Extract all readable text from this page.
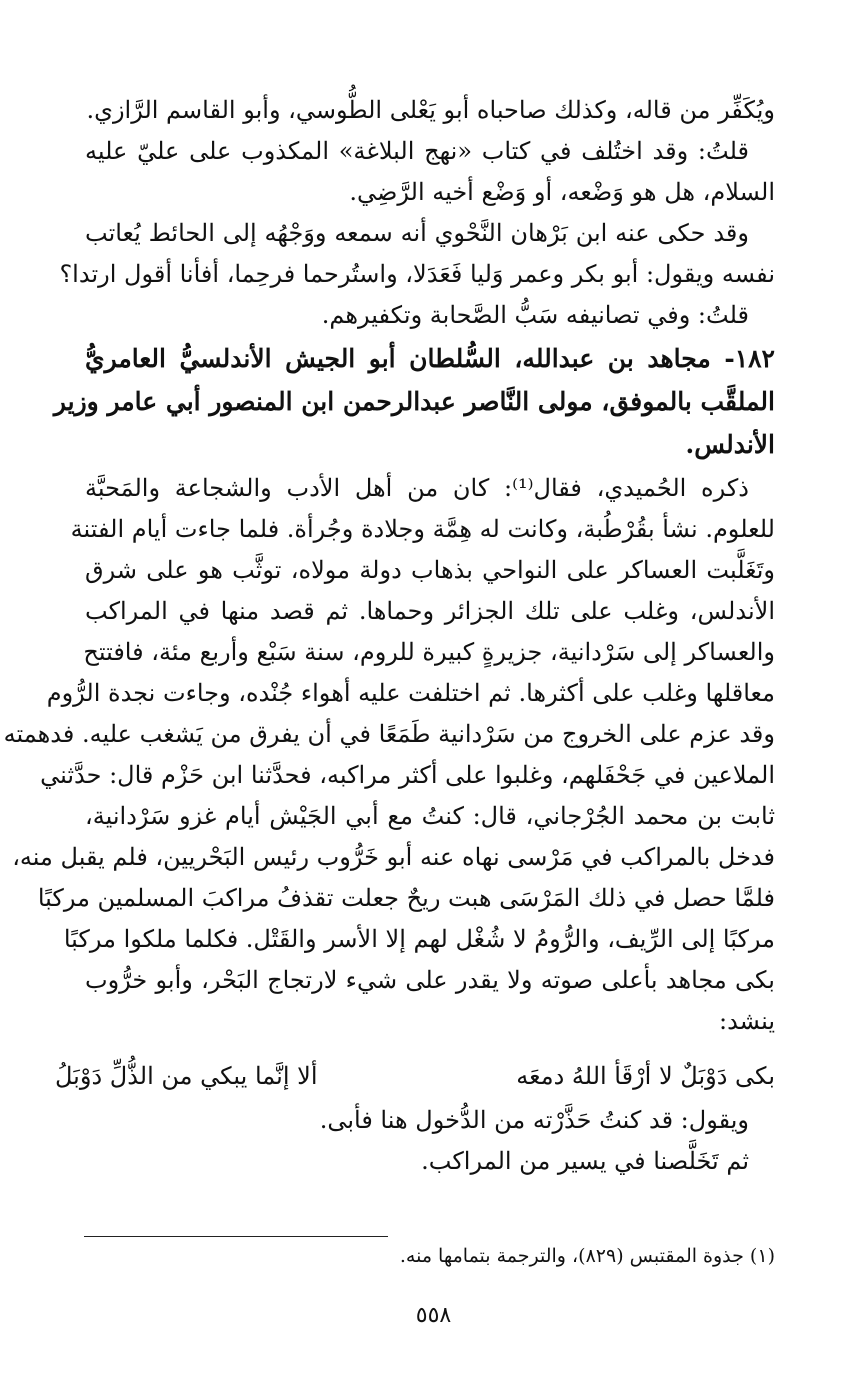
ويُكَفِّر من قاله، وكذلك صاحباه أبو يَعْلى الطُّوسي، وأبو القاسم الرَّازي.
قلتُ: وقد اختُلف في كتاب «نهج البلاغة» المكذوب على عليّ عليه
السلام، هل هو وَضْعه، أو وَضْع أخيه الرَّضِي.
وقد حكى عنه ابن بَرْهان النَّحْوي أنه سمعه ووَجْهُه إلى الحائط يُعاتب
نفسه ويقول: أبو بكر وعمر وَليا فَعَدَلا، واستُرحما فرحِما، أفأنا أقول ارتدا؟
قلتُ: وفي تصانيفه سَبُّ الصَّحابة وتكفيرهم.
١٨٢- مجاهد بن عبدالله، السُّلطان أبو الجيش الأندلسيُّ العامريُّ
الملقَّب بالموفق، مولى النَّاصر عبدالرحمن ابن المنصور أبي عامر وزير
الأندلس.
ذكره الحُميدي، فقال⁽¹⁾: كان من أهل الأدب والشجاعة والمَحبَّة
للعلوم. نشأ بقُرْطُبة، وكانت له هِمَّة وجلادة وجُرأة. فلما جاءت أيام الفتنة
وتَغَلَّبت العساكر على النواحي بذهاب دولة مولاه، توثَّب هو على شرق
الأندلس، وغلب على تلك الجزائر وحماها. ثم قصد منها في المراكب
والعساكر إلى سَرْدانية، جزيرةٍ كبيرة للروم، سنة سَبْع وأربع مئة، فافتتح
معاقلها وغلب على أكثرها. ثم اختلفت عليه أهواء جُنْده، وجاءت نجدة الرُّوم
وقد عزم على الخروج من سَرْدانية طَمَعًا في أن يفرق من يَشغب عليه. فدهمته
الملاعين في جَحْفَلهم، وغلبوا على أكثر مراكبه، فحدَّثنا ابن حَزْم قال: حدَّثني
ثابت بن محمد الجُرْجاني، قال: كنتُ مع أبي الجَيْش أيام غزو سَرْدانية،
فدخل بالمراكب في مَرْسى نهاه عنه أبو خَرُّوب رئيس البَحْريين، فلم يقبل منه،
فلمَّا حصل في ذلك المَرْسَى هبت ريحٌ جعلت تقذفُ مراكبَ المسلمين مركبًا
مركبًا إلى الرِّيف، والرُّومُ لا شُغْل لهم إلا الأسر والقَتْل. فكلما ملكوا مركبًا
بكى مجاهد بأعلى صوته ولا يقدر على شيء لارتجاج البَحْر، وأبو خرُّوب
ينشد:
بكى دَوْبَلٌ لا أرْقَأ اللهُ دمعَه
ألا إنَّما يبكي من الذُّلِّ دَوْبَلُ
ويقول: قد كنتُ حَذَّرْته من الدُّخول هنا فأبى.
ثم تَخَلَّصنا في يسير من المراكب.
(١) جذوة المقتبس (٨٢٩)، والترجمة بتمامها منه.
٥٥٨
